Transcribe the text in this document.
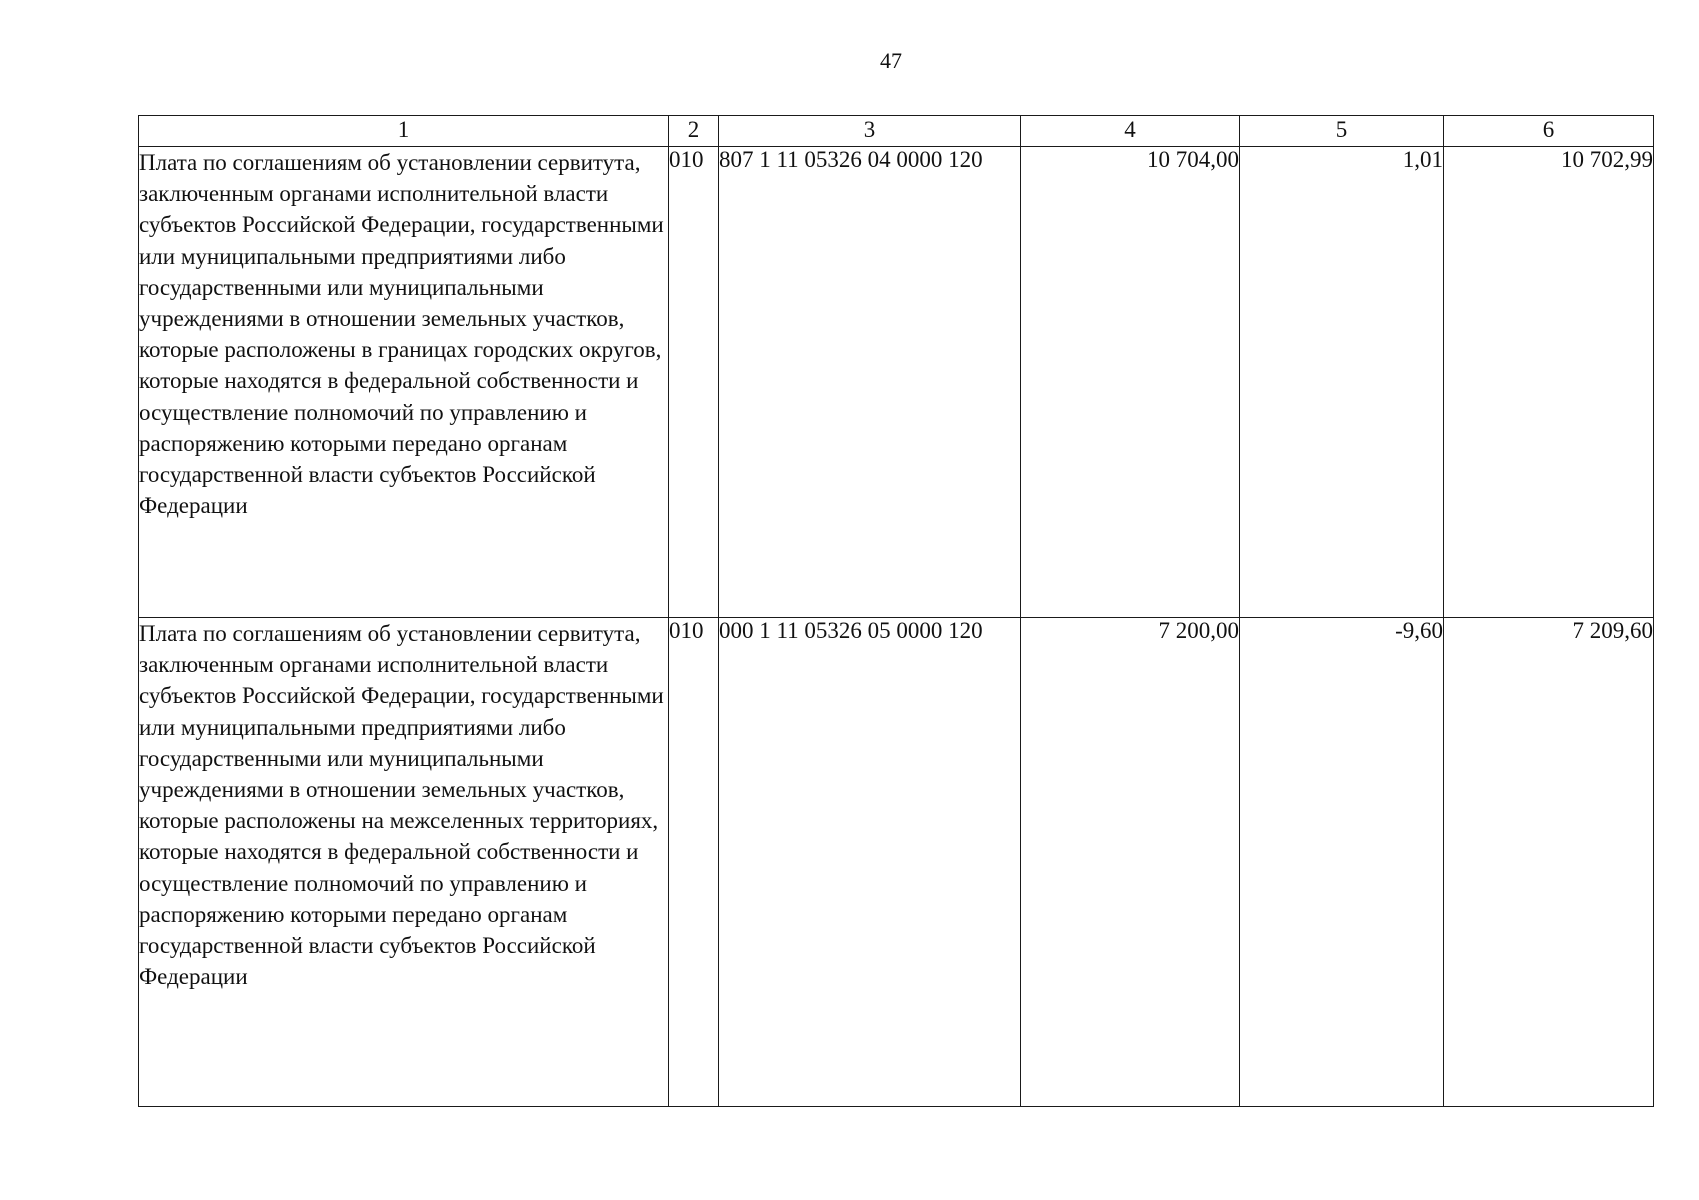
47
1	2	3	4	5	6
Плата по соглашениям об установлении сервитута, заключенным органами исполнительной власти субъектов Российской Федерации, государственными или муниципальными предприятиями либо государственными или муниципальными учреждениями в отношении земельных участков, которые расположены в границах городских округов, которые находятся в федеральной собственности и осуществление полномочий по управлению и распоряжению которыми передано органам государственной власти субъектов Российской Федерации	010	807 1 11 05326 04 0000 120	10 704,00	1,01	10 702,99
Плата по соглашениям об установлении сервитута, заключенным органами исполнительной власти субъектов Российской Федерации, государственными или муниципальными предприятиями либо государственными или муниципальными учреждениями в отношении земельных участков, которые расположены на межселенных территориях, которые находятся в федеральной собственности и осуществление полномочий по управлению и распоряжению которыми передано органам государственной власти субъектов Российской Федерации	010	000 1 11 05326 05 0000 120	7 200,00	-9,60	7 209,60
